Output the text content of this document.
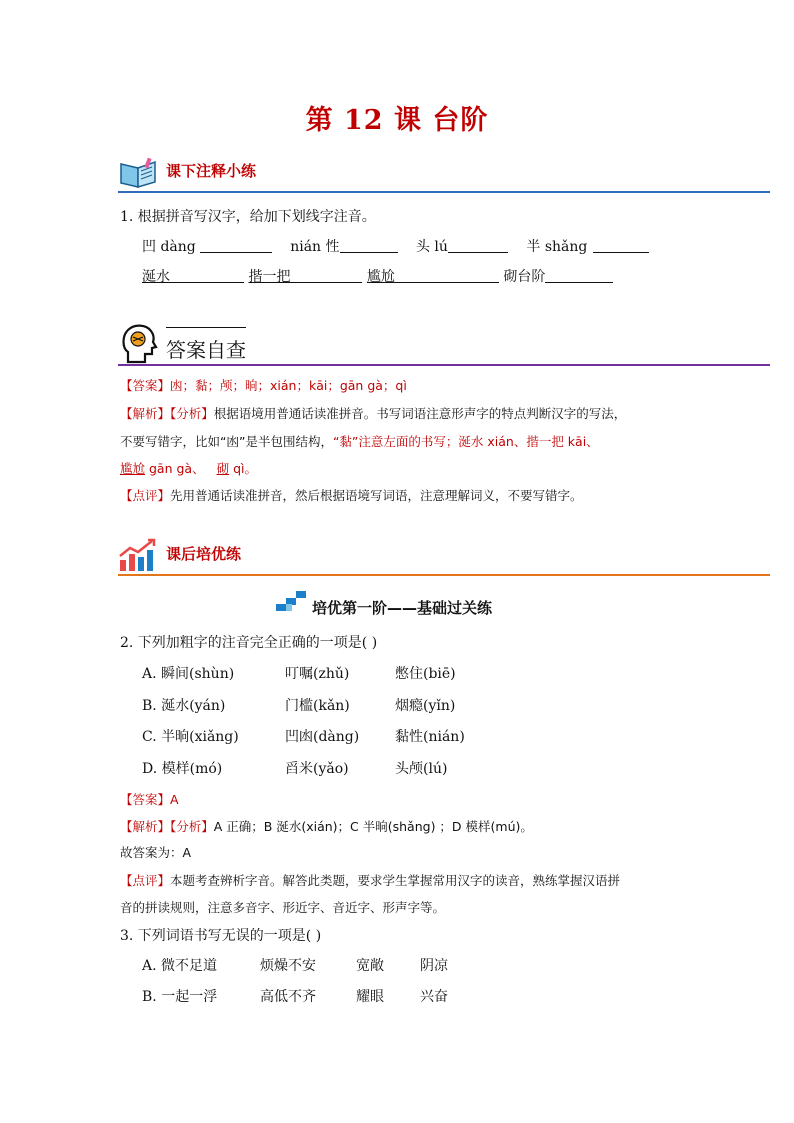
第 12 课 台阶
课下注释小练
1. 根据拼音写汉字，给加下划线字注音。
凹 dàng	nián 性	头 lú	半 shǎng
涎水	揩一把	尴尬	砌台阶
答案自查
【答案】凼；黏；颅；晌；xián；kāi；gān gà；qì
【解析】【分析】根据语境用普通话读准拼音。书写词语注意形声字的特点判断汉字的写法，
不要写错字，比如“凼”是半包围结构，“黏”注意左面的书写；涎水 xián、揩一把 kāi、
尴尬 gān gà、 砌 qì。
【点评】先用普通话读准拼音，然后根据语境写词语，注意理解词义，不要写错字。
课后培优练
培优第一阶——基础过关练
2. 下列加粗字的注音完全正确的一项是( )
A. 瞬间(shùn)	叮嘱(zhǔ)	憋住(biē)
B. 涎水(yán)	门槛(kǎn)	烟瘾(yǐn)
C. 半晌(xiǎng)	凹凼(dàng)	黏性(nián)
D. 模样(mó)	舀米(yǎo)	头颅(lú)
【答案】A
【解析】【分析】A 正确；B 涎水(xián)；C 半晌(shǎng) ；D 模样(mú)。
故答案为：A
【点评】本题考查辨析字音。解答此类题，要求学生掌握常用汉字的读音，熟练掌握汉语拼
音的拼读规则，注意多音字、形近字、音近字、形声字等。
3. 下列词语书写无误的一项是( )
A. 微不足道	烦燥不安	宽敞	阴凉
B. 一起一浮	高低不齐	耀眼	兴奋
